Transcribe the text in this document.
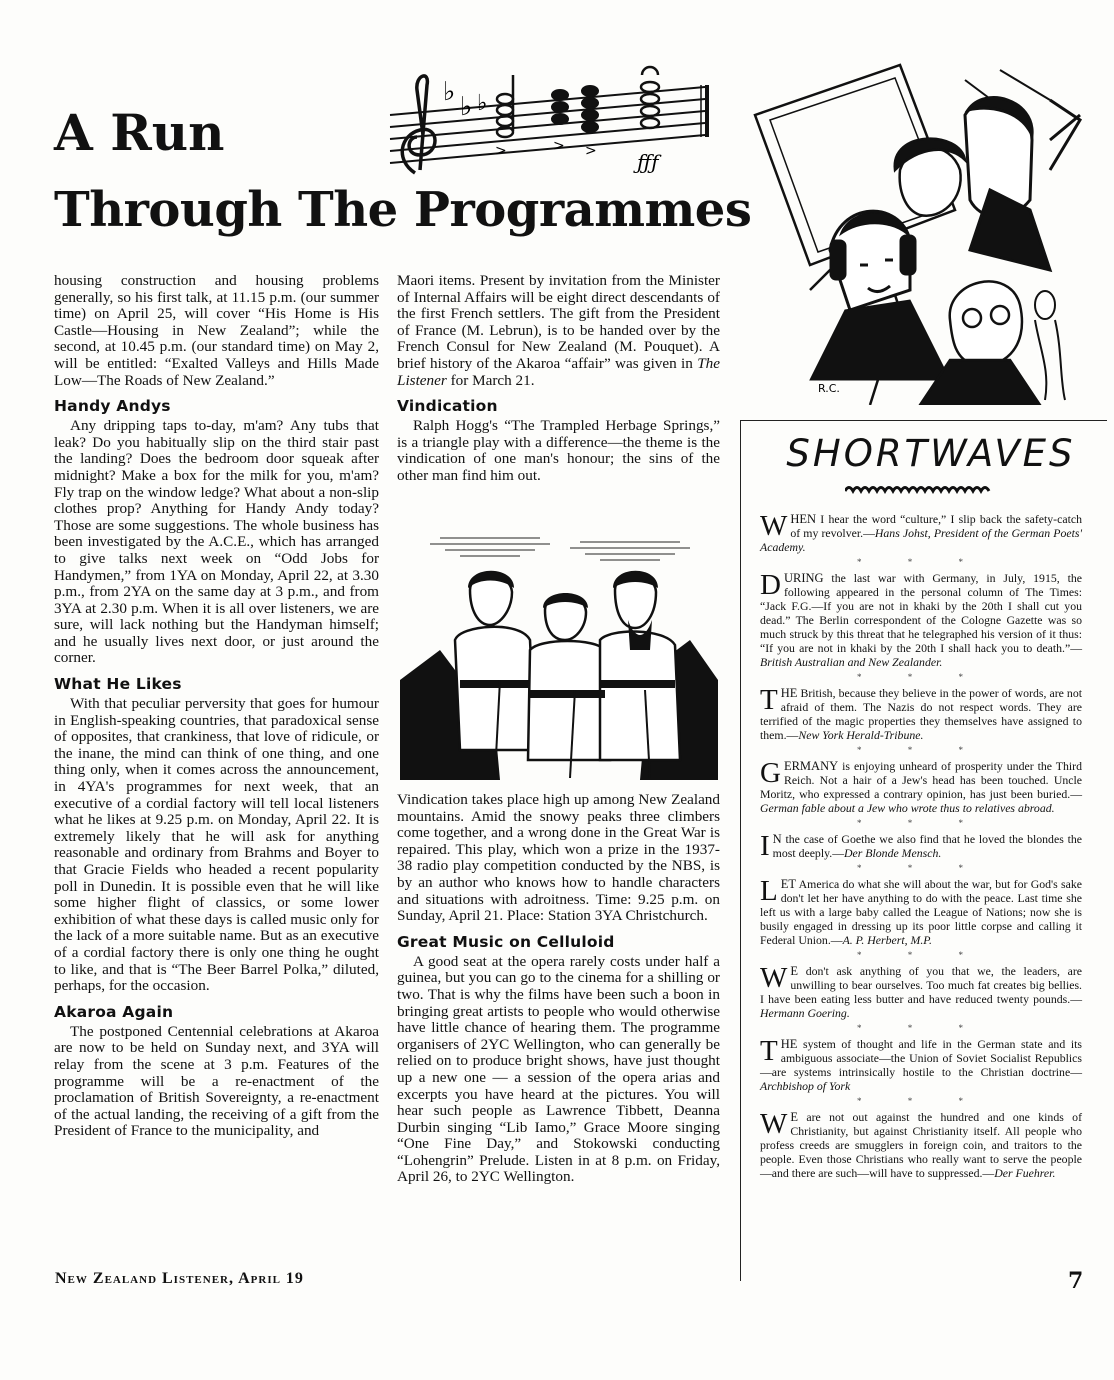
A Run
Through The Programmes
♭ ♭ ♭
>	> > ƒƒƒ
R.C.

housing construction and housing problems generally, so his first talk, at 11.15 p.m. (our summer time) on April 25, will cover “His Home is His Castle—Housing in New Zealand”; while the second, at 10.45 p.m. (our standard time) on May 2, will be entitled: “Exalted Valleys and Hills Made Low—The Roads of New Zealand.”

Handy Andys

Any dripping taps to-day, m'am? Any tubs that leak? Do you habitually slip on the third stair past the landing? Does the bedroom door squeak after midnight? Make a box for the milk for you, m'am? Fly trap on the window ledge? What about a non-slip clothes prop? Anything for Handy Andy today? Those are some suggestions. The whole business has been investigated by the A.C.E., which has arranged to give talks next week on “Odd Jobs for Handymen,” from 1YA on Monday, April 22, at 3.30 p.m., from 2YA on the same day at 3 p.m., and from 3YA at 2.30 p.m. When it is all over listeners, we are sure, will lack nothing but the Handyman himself; and he usually lives next door, or just around the corner.

What He Likes

With that peculiar perversity that goes for humour in English-speaking countries, that paradoxical sense of opposites, that crankiness, that love of ridicule, or the inane, the mind can think of one thing, and one thing only, when it comes across the announcement, in 4YA's programmes for next week, that an executive of a cordial factory will tell local listeners what he likes at 9.25 p.m. on Monday, April 22. It is extremely likely that he will ask for anything reasonable and ordinary from Brahms and Boyer to that Gracie Fields who headed a recent popularity poll in Dunedin. It is possible even that he will like some higher flight of classics, or some lower exhibition of what these days is called music only for the lack of a more suitable name. But as an executive of a cordial factory there is only one thing he ought to like, and that is “The Beer Barrel Polka,” diluted, perhaps, for the occasion.

Akaroa Again

The postponed Centennial celebrations at Akaroa are now to be held on Sunday next, and 3YA will relay from the scene at 3 p.m. Features of the programme will be a re-enactment of the proclamation of British Sovereignty, a re-enactment of the actual landing, the receiving of a gift from the President of France to the municipality, and

Maori items. Present by invitation from the Minister of Internal Affairs will be eight direct descendants of the first French settlers. The gift from the President of France (M. Lebrun), is to be handed over by the French Consul for New Zealand (M. Pouquet). A brief history of the Akaroa “affair” was given in The Listener for March 21.

Vindication

Ralph Hogg's “The Trampled Herbage Springs,” is a triangle play with a difference—the theme is the vindication of one man's honour; the sins of the other man find him out.

Vindication takes place high up among New Zealand mountains. Amid the snowy peaks three climbers come together, and a wrong done in the Great War is repaired. This play, which won a prize in the 1937-38 radio play competition conducted by the NBS, is by an author who knows how to handle characters and situations with adroitness. Time: 9.25 p.m. on Sunday, April 21. Place: Station 3YA Christchurch.

Great Music on Celluloid

A good seat at the opera rarely costs under half a guinea, but you can go to the cinema for a shilling or two. That is why the films have been such a boon in bringing great artists to people who would otherwise have little chance of hearing them. The programme organisers of 2YC Wellington, who can generally be relied on to produce bright shows, have just thought up a new one — a session of the opera arias and excerpts you have heard at the pictures. You will hear such people as Lawrence Tibbett, Deanna Durbin singing “Lib Iamo,” Grace Moore singing “One Fine Day,” and Stokowski conducting “Lohengrin” Prelude. Listen in at 8 p.m. on Friday, April 26, to 2YC Wellington.

SHORTWAVES
WHEN I hear the word “culture,” I slip back the safety-catch of my revolver.—Hans Johst, President of the German Poets' Academy.
* * *
DURING the last war with Germany, in July, 1915, the following appeared in the personal column of The Times: “Jack F.G.—If you are not in khaki by the 20th I shall cut you dead.” The Berlin correspondent of the Cologne Gazette was so much struck by this threat that he telegraphed his version of it thus: “If you are not in khaki by the 20th I shall hack you to death.”—British Australian and New Zealander.
* * *
THE British, because they believe in the power of words, are not afraid of them. The Nazis do not respect words. They are terrified of the magic properties they themselves have assigned to them.—New York Herald-Tribune.
* * *
GERMANY is enjoying unheard of prosperity under the Third Reich. Not a hair of a Jew's head has been touched. Uncle Moritz, who expressed a contrary opinion, has just been buried.—German fable about a Jew who wrote thus to relatives abroad.
* * *
IN the case of Goethe we also find that he loved the blondes the most deeply.—Der Blonde Mensch.
* * *
LET America do what she will about the war, but for God's sake don't let her have anything to do with the peace. Last time she left us with a large baby called the League of Nations; now she is busily engaged in dressing up its poor little corpse and calling it Federal Union.—A. P. Herbert, M.P.
* * *
WE don't ask anything of you that we, the leaders, are unwilling to bear ourselves. Too much fat creates big bellies. I have been eating less butter and have reduced twenty pounds.—Hermann Goering.
* * *
THE system of thought and life in the German state and its ambiguous associate—the Union of Soviet Socialist Republics—are systems intrinsically hostile to the Christian doctrine—Archbishop of York
* * *
WE are not out against the hundred and one kinds of Christianity, but against Christianity itself. All people who profess creeds are smugglers in foreign coin, and traitors to the people. Even those Christians who really want to serve the people—and there are such—will have to suppressed.—Der Fuehrer.
New Zealand Listener, April 19	7
